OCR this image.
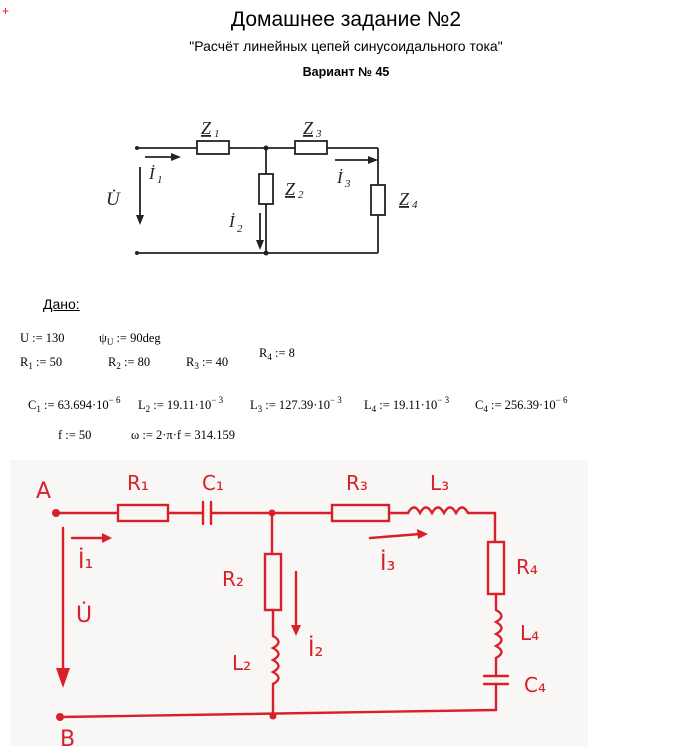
+	Домашнее задание №2
"Расчёт линейных цепей синусоидального тока"
Вариант № 45
Z 1	Z 3
Z 2	Z 4
İ 1	İ 3
İ 2
U̇
Дано:
U := 130	$\psi_U$ := 90deg
$R_1$ := 50	$R_2$ := 80	$R_3$ := 40
$R_4$ := 8
$C_1$ := $63.694\cdot 10^{- 6}$ $L_2$ := $19.11\cdot 10^{- 3}$ $L_3$ := $127.39\cdot 10^{- 3}$ $L_4$ := $19.11\cdot 10^{- 3}$ $C_4$ := $256.39\cdot 10^{- 6}$
f := 50	ω := 2·π·f = 314.159
A
B
R₁	C₁	R₃	L₃
R₂
L₂
R₄
L₄
C₄
İ₁	İ₃
İ₂
U̇
